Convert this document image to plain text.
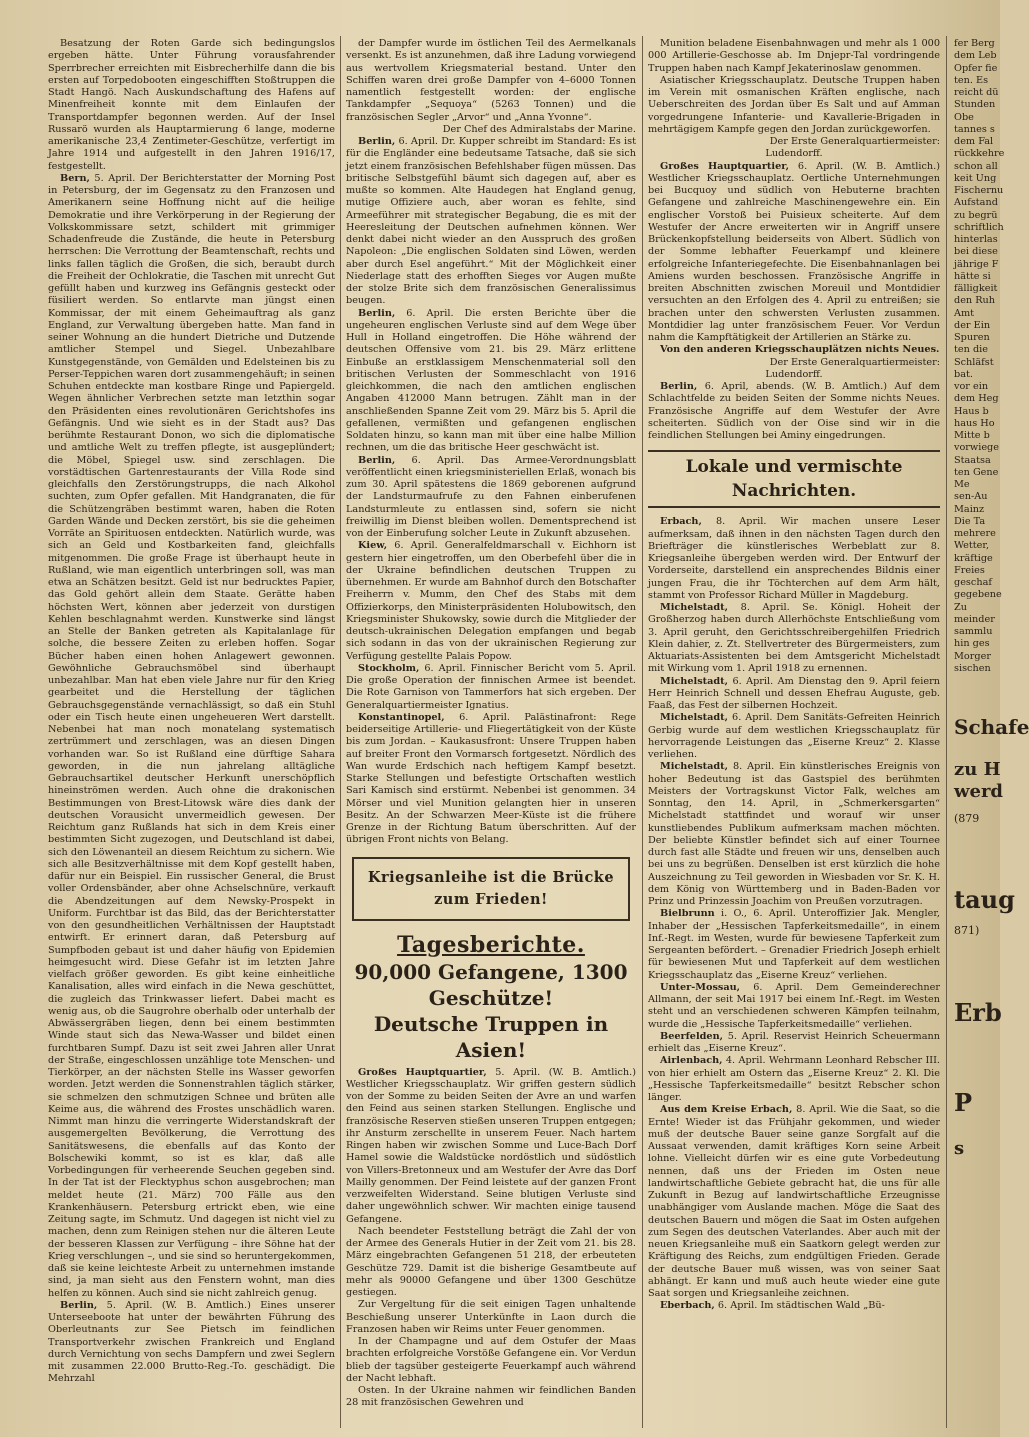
Besatzung der Roten Garde sich bedingungslos ergeben hätte. Unter Führung vorausfahrender Sperrbrecher erreichten mit Eisbrecherhilfe dann die bis ersten auf Torpedobooten eingeschifften Stoßtruppen die Stadt Hangö. Nach Auskundschaftung des Hafens auf Minenfreiheit konnte mit dem Einlaufen der Transportdampfer begonnen werden. Auf der Insel Russarö wurden als Hauptarmierung 6 lange, moderne amerikanische 23,4 Zentimeter-Geschütze, verfertigt im Jahre 1914 und aufgestellt in den Jahren 1916/17, festgestellt.

Bern, 5. April. Der Berichterstatter der Morning Post in Petersburg, der im Gegensatz zu den Franzosen und Amerikanern seine Hoffnung nicht auf die heilige Demokratie und ihre Verkörperung in der Regierung der Volkskommissare setzt, schildert mit grimmiger Schadenfreude die Zustände, die heute in Petersburg herrschen: Die Verrottung der Beamtenschaft, rechts und links fallen täglich die Großen, die sich, beraubt durch die Freiheit der Ochlokratie, die Taschen mit unrecht Gut gefüllt haben und kurzweg ins Gefängnis gesteckt oder füsiliert werden. So entlarvte man jüngst einen Kommissar, der mit einem Geheimauftrag als ganz England, zur Verwaltung übergeben hatte. Man fand in seiner Wohnung an die hundert Dietriche und Dutzende amtlicher Stempel und Siegel. Unbezahlbare Kunstgegenstände, von Gemälden und Edelsteinen bis zu Perser-Teppichen waren dort zusammengehäuft; in seinen Schuhen entdeckte man kostbare Ringe und Papiergeld. Wegen ähnlicher Verbrechen setzte man letzthin sogar den Präsidenten eines revolutionären Gerichtshofes ins Gefängnis. Und wie sieht es in der Stadt aus? Das berühmte Restaurant Donon, wo sich die diplomatische und amtliche Welt zu treffen pflegte, ist ausgeplündert; die Möbel, Spiegel usw. sind zerschlagen. Die vorstädtischen Gartenrestaurants der Villa Rode sind gleichfalls den Zerstörungstrupps, die nach Alkohol suchten, zum Opfer gefallen. Mit Handgranaten, die für die Schützengräben bestimmt waren, haben die Roten Garden Wände und Decken zerstört, bis sie die geheimen Vorräte an Spirituosen entdeckten. Natürlich wurde, was sich an Geld und Kostbarkeiten fand, gleichfalls mitgenommen. Die große Frage ist überhaupt heute in Rußland, wie man eigentlich unterbringen soll, was man etwa an Schätzen besitzt. Geld ist nur bedrucktes Papier, das Gold gehört allein dem Staate. Gerätte haben höchsten Wert, können aber jederzeit von durstigen Kehlen beschlagnahmt werden. Kunstwerke sind längst an Stelle der Banken getreten als Kapitalanlage für solche, die bessere Zeiten zu erleben hoffen. Sogar Bücher haben einen hohen Anlagewert gewonnen. Gewöhnliche Gebrauchsmöbel sind überhaupt unbezahlbar. Man hat eben viele Jahre nur für den Krieg gearbeitet und die Herstellung der täglichen Gebrauchsgegenstände vernachlässigt, so daß ein Stuhl oder ein Tisch heute einen ungeheueren Wert darstellt. Nebenbei hat man noch monatelang systematisch zertrümmert und zerschlagen, was an diesen Dingen vorhanden war. So ist Rußland eine dürftige Sahara geworden, in die nun jahrelang alltägliche Gebrauchsartikel deutscher Herkunft unerschöpflich hineinströmen werden. Auch ohne die drakonischen Bestimmungen von Brest-Litowsk wäre dies dank der deutschen Vorausicht unvermeidlich gewesen. Der Reichtum ganz Rußlands hat sich in dem Kreis einer bestimmten Sicht zugezogen, und Deutschland ist dabei, sich den Löwenanteil an diesem Reichtum zu sichern. Wie sich alle Besitzverhältnisse mit dem Kopf gestellt haben, dafür nur ein Beispiel. Ein russischer General, die Brust voller Ordensbänder, aber ohne Achselschnüre, verkauft die Abendzeitungen auf dem Newsky-Prospekt in Uniform. Furchtbar ist das Bild, das der Berichterstatter von den gesundheitlichen Verhältnissen der Hauptstadt entwirft. Er erinnert daran, daß Petersburg auf Sumpfboden gebaut ist und daher häufig von Epidemien heimgesucht wird. Diese Gefahr ist im letzten Jahre vielfach größer geworden. Es gibt keine einheitliche Kanalisation, alles wird einfach in die Newa geschüttet, die zugleich das Trinkwasser liefert. Dabei macht es wenig aus, ob die Saugrohre oberhalb oder unterhalb der Abwässergräben liegen, denn bei einem bestimmten Winde staut sich das Newa-Wasser und bildet einen furchtbaren Sumpf. Dazu ist seit zwei Jahren aller Unrat der Straße, eingeschlossen unzählige tote Menschen- und Tierkörper, an der nächsten Stelle ins Wasser geworfen worden. Jetzt werden die Sonnenstrahlen täglich stärker, sie schmelzen den schmutzigen Schnee und brüten alle Keime aus, die während des Frostes unschädlich waren. Nimmt man hinzu die verringerte Widerstandskraft der ausgemergelten Bevölkerung, die Verrottung des Sanitätswesens, die ebenfalls auf das Konto der Bolschewiki kommt, so ist es klar, daß alle Vorbedingungen für verheerende Seuchen gegeben sind. In der Tat ist der Flecktyphus schon ausgebrochen; man meldet heute (21. März) 700 Fälle aus den Krankenhäusern. Petersburg ertrickt eben, wie eine Zeitung sagte, im Schmutz. Und dagegen ist nicht viel zu machen, denn zum Reinigen stehen nur die älteren Leute der besseren Klassen zur Verfügung – ihre Söhne hat der Krieg verschlungen –, und sie sind so heruntergekommen, daß sie keine leichteste Arbeit zu unternehmen imstande sind, ja man sieht aus den Fenstern wohnt, man dies helfen zu können. Auch sind sie nicht zahlreich genug.

Berlin, 5. April. (W. B. Amtlich.) Eines unserer Unterseeboote hat unter der bewährten Führung des Oberleutnants zur See Pietsch im feindlichen Transportverkehr zwischen Frankreich und England durch Vernichtung von sechs Dampfern und zwei Seglern mit zusammen 22.000 Brutto-Reg.-To. geschädigt. Die Mehrzahl

der Dampfer wurde im östlichen Teil des Aermelkanals versenkt. Es ist anzunehmen, daß ihre Ladung vorwiegend aus wertvollem Kriegsmaterial bestand. Unter den Schiffen waren drei große Dampfer von 4–6000 Tonnen namentlich festgestellt worden: der englische Tankdampfer „Sequoya“ (5263 Tonnen) und die französischen Segler „Arvor“ und „Anna Yvonne“.

Der Chef des Admiralstabs der Marine.

Berlin, 6. April. Dr. Kupper schreibt im Standard: Es ist für die Engländer eine bedeutsame Tatsache, daß sie sich jetzt einem französischen Befehlshaber fügen müssen. Das britische Selbstgefühl bäumt sich dagegen auf, aber es mußte so kommen. Alte Haudegen hat England genug, mutige Offiziere auch, aber woran es fehlte, sind Armeeführer mit strategischer Begabung, die es mit der Heeresleitung der Deutschen aufnehmen können. Wer denkt dabei nicht wieder an den Ausspruch des großen Napoleon: „Die englischen Soldaten sind Löwen, werden aber durch Esel angeführt.“ Mit der Möglichkeit einer Niederlage statt des erhofften Sieges vor Augen mußte der stolze Brite sich dem französischen Generalissimus beugen.

Berlin, 6. April. Die ersten Berichte über die ungeheuren englischen Verluste sind auf dem Wege über Hull in Holland eingetroffen. Die Höhe während der deutschen Offensive vom 21. bis 29. März erlittene Einbuße an erstklassigem Menschenmaterial soll den britischen Verlusten der Sommeschlacht von 1916 gleichkommen, die nach den amtlichen englischen Angaben 412000 Mann betrugen. Zählt man in der anschließenden Spanne Zeit vom 29. März bis 5. April die gefallenen, vermißten und gefangenen englischen Soldaten hinzu, so kann man mit über eine halbe Million rechnen, um die das britische Heer geschwächt ist.

Berlin, 6. April. Das Armee-Verordnungsblatt veröffentlicht einen kriegsministeriellen Erlaß, wonach bis zum 30. April spätestens die 1869 geborenen aufgrund der Landsturmaufrufe zu den Fahnen einberufenen Landsturmleute zu entlassen sind, sofern sie nicht freiwillig im Dienst bleiben wollen. Dementsprechend ist von der Einberufung solcher Leute in Zukunft abzusehen.

Kiew, 6. April. Generalfeldmarschall v. Eichhorn ist gestern hier eingetroffen, um den Oberbefehl über die in der Ukraine befindlichen deutschen Truppen zu übernehmen. Er wurde am Bahnhof durch den Botschafter Freiherrn v. Mumm, den Chef des Stabs mit dem Offizierkorps, den Ministerpräsidenten Holubowitsch, den Kriegsminister Shukowsky, sowie durch die Mitglieder der deutsch-ukrainischen Delegation empfangen und begab sich sodann in das von der ukrainischen Regierung zur Verfügung gestellte Palais Popow.

Stockholm, 6. April. Finnischer Bericht vom 5. April. Die große Operation der finnischen Armee ist beendet. Die Rote Garnison von Tammerfors hat sich ergeben. Der Generalquartiermeister Ignatius.

Konstantinopel, 6. April. Palästinafront: Rege beiderseitige Artillerie- und Fliegertätigkeit von der Küste bis zum Jordan. – Kaukasusfront: Unsere Truppen haben auf breiter Front den Vormarsch fortgesetzt. Nördlich des Wan wurde Erdschich nach heftigem Kampf besetzt. Starke Stellungen und befestigte Ortschaften westlich Sari Kamisch sind erstürmt. Nebenbei ist genommen. 34 Mörser und viel Munition gelangten hier in unseren Besitz. An der Schwarzen Meer-Küste ist die frühere Grenze in der Richtung Batum überschritten. Auf der übrigen Front nichts von Belang.

Kriegsanleihe ist die Brücke zum Frieden!
Tagesberichte.
90,000 Gefangene, 1300 Geschütze!
Deutsche Truppen in Asien!

Großes Hauptquartier, 5. April. (W. B. Amtlich.) Westlicher Kriegsschauplatz. Wir griffen gestern südlich von der Somme zu beiden Seiten der Avre an und warfen den Feind aus seinen starken Stellungen. Englische und französische Reserven stießen unseren Truppen entgegen; ihr Ansturm zerschellte in unserem Feuer. Nach hartem Ringen haben wir zwischen Somme und Luce-Bach Dorf Hamel sowie die Waldstücke nordöstlich und südöstlich von Villers-Bretonneux und am Westufer der Avre das Dorf Mailly genommen. Der Feind leistete auf der ganzen Front verzweifelten Widerstand. Seine blutigen Verluste sind daher ungewöhnlich schwer. Wir machten einige tausend Gefangene.

Nach beendeter Feststellung beträgt die Zahl der von der Armee des Generals Hutier in der Zeit vom 21. bis 28. März eingebrachten Gefangenen 51 218, der erbeuteten Geschütze 729. Damit ist die bisherige Gesamtbeute auf mehr als 90000 Gefangene und über 1300 Geschütze gestiegen.

Zur Vergeltung für die seit einigen Tagen unhaltende Beschießung unserer Unterkünfte in Laon durch die Franzosen haben wir Reims unter Feuer genommen.

In der Champagne und auf dem Ostufer der Maas brachten erfolgreiche Vorstöße Gefangene ein. Vor Verdun blieb der tagsüber gesteigerte Feuerkampf auch während der Nacht lebhaft.

Osten. In der Ukraine nahmen wir feindlichen Banden 28 mit französischen Gewehren und

Munition beladene Eisenbahnwagen und mehr als 1 000 000 Artillerie-Geschosse ab. Im Dnjepr-Tal vordringende Truppen haben nach Kampf Jekaterinoslaw genommen.

Asiatischer Kriegsschauplatz. Deutsche Truppen haben im Verein mit osmanischen Kräften englische, nach Ueberschreiten des Jordan über Es Salt und auf Amman vorgedrungene Infanterie- und Kavallerie-Brigaden in mehrtägigem Kampfe gegen den Jordan zurückgeworfen.

Der Erste Generalquartiermeister:

Ludendorff.

Großes Hauptquartier, 6. April. (W. B. Amtlich.) Westlicher Kriegsschauplatz. Oertliche Unternehmungen bei Bucquoy und südlich von Hebuterne brachten Gefangene und zahlreiche Maschinengewehre ein. Ein englischer Vorstoß bei Puisieux scheiterte. Auf dem Westufer der Ancre erweiterten wir in Angriff unsere Brückenkopfstellung beiderseits von Albert. Südlich von der Somme lebhafter Feuerkampf und kleinere erfolgreiche Infanteriegefechte. Die Eisenbahnanlagen bei Amiens wurden beschossen. Französische Angriffe in breiten Abschnitten zwischen Moreuil und Montdidier versuchten an den Erfolgen des 4. April zu entreißen; sie brachen unter den schwersten Verlusten zusammen. Montdidier lag unter französischem Feuer. Vor Verdun nahm die Kampftätigkeit der Artillerien an Stärke zu.

Von den anderen Kriegsschauplätzen nichts Neues.

Der Erste Generalquartiermeister:

Ludendorff.

Berlin, 6. April, abends. (W. B. Amtlich.) Auf dem Schlachtfelde zu beiden Seiten der Somme nichts Neues. Französische Angriffe auf dem Westufer der Avre scheiterten. Südlich von der Oise sind wir in die feindlichen Stellungen bei Aminy eingedrungen.

Lokale und vermischte Nachrichten.

Erbach, 8. April. Wir machen unsere Leser aufmerksam, daß ihnen in den nächsten Tagen durch den Briefträger die künstlerisches Werbeblatt zur 8. Kriegsanleihe übergeben werden wird. Der Entwurf der Vorderseite, darstellend ein ansprechendes Bildnis einer jungen Frau, die ihr Töchterchen auf dem Arm hält, stammt von Professor Richard Müller in Magdeburg.

Michelstadt, 8. April. Se. Königl. Hoheit der Großherzog haben durch Allerhöchste Entschließung vom 3. April geruht, den Gerichtsschreibergehilfen Friedrich Klein dahier, z. Zt. Stellvertreter des Bürgermeisters, zum Aktuariats-Assistenten bei dem Amtsgericht Michelstadt mit Wirkung vom 1. April 1918 zu ernennen.

Michelstadt, 6. April. Am Dienstag den 9. April feiern Herr Heinrich Schnell und dessen Ehefrau Auguste, geb. Faaß, das Fest der silbernen Hochzeit.

Michelstadt, 6. April. Dem Sanitäts-Gefreiten Heinrich Gerbig wurde auf dem westlichen Kriegsschauplatz für hervorragende Leistungen das „Eiserne Kreuz“ 2. Klasse verliehen.

Michelstadt, 8. April. Ein künstlerisches Ereignis von hoher Bedeutung ist das Gastspiel des berühmten Meisters der Vortragskunst Victor Falk, welches am Sonntag, den 14. April, in „Schmerkersgarten“ Michelstadt stattfindet und worauf wir unser kunstliebendes Publikum aufmerksam machen möchten. Der beliebte Künstler befindet sich auf einer Tournee durch fast alle Städte und freuen wir uns, denselben auch bei uns zu begrüßen. Denselben ist erst kürzlich die hohe Auszeichnung zu Teil geworden in Wiesbaden vor Sr. K. H. dem König von Württemberg und in Baden-Baden vor Prinz und Prinzessin Joachim von Preußen vorzutragen.

Bielbrunn i. O., 6. April. Unteroffizier Jak. Mengler, Inhaber der „Hessischen Tapferkeitsmedaille“, in einem Inf.-Regt. im Westen, wurde für bewiesene Tapferkeit zum Sergeanten befördert. – Grenadier Friedrich Joseph erhielt für bewiesenen Mut und Tapferkeit auf dem westlichen Kriegsschauplatz das „Eiserne Kreuz“ verliehen.

Unter-Mossau, 6. April. Dem Gemeinderechner Allmann, der seit Mai 1917 bei einem Inf.-Regt. im Westen steht und an verschiedenen schweren Kämpfen teilnahm, wurde die „Hessische Tapferkeitsmedaille“ verliehen.

Beerfelden, 5. April. Reservist Heinrich Scheuermann erhielt das „Eiserne Kreuz“.

Airlenbach, 4. April. Wehrmann Leonhard Rebscher III. von hier erhielt am Ostern das „Eiserne Kreuz“ 2. Kl. Die „Hessische Tapferkeitsmedaille“ besitzt Rebscher schon länger.

Aus dem Kreise Erbach, 8. April. Wie die Saat, so die Ernte! Wieder ist das Frühjahr gekommen, und wieder muß der deutsche Bauer seine ganze Sorgfalt auf die Aussaat verwenden, damit kräftiges Korn seine Arbeit lohne. Vielleicht dürfen wir es eine gute Vorbedeutung nennen, daß uns der Frieden im Osten neue landwirtschaftliche Gebiete gebracht hat, die uns für alle Zukunft in Bezug auf landwirtschaftliche Erzeugnisse unabhängiger vom Auslande machen. Möge die Saat des deutschen Bauern und mögen die Saat im Osten aufgehen zum Segen des deutschen Vaterlandes. Aber auch mit der neuen Kriegsanleihe muß ein Saatkorn gelegt werden zur Kräftigung des Reichs, zum endgültigen Frieden. Gerade der deutsche Bauer muß wissen, was von seiner Saat abhängt. Er kann und muß auch heute wieder eine gute Saat sorgen und Kriegsanleihe zeichnen.

Eberbach, 6. April. Im städtischen Wald „Bü-

fer Berg
dem Leb
Opfer fie
ten. Es
reicht dü
Stunden
Obe
tannes s
dem Fal
rückkehre
schon all
keit Ung
Fischernu
Aufstand
zu begrü
schriftlich
hinterlas
bei diese
jährige F
hätte si
fälligkeit
den Ruh
Amt
der Ein
Spuren
ten die
Schläfst
bat.
vor ein
dem Heg
Haus b
haus Ho
Mitte b
vorwiege
Staatsa
ten Gene
Me
sen-Au
Mainz
Die Ta
mehrere
Wetter,
kräftige
Freies
geschaf
gegebene
Zu
meinder
sammlu
hin ges
Morger
sischen
Schafe
zu H
werd
(879
taug
871)
Erb
P
s
